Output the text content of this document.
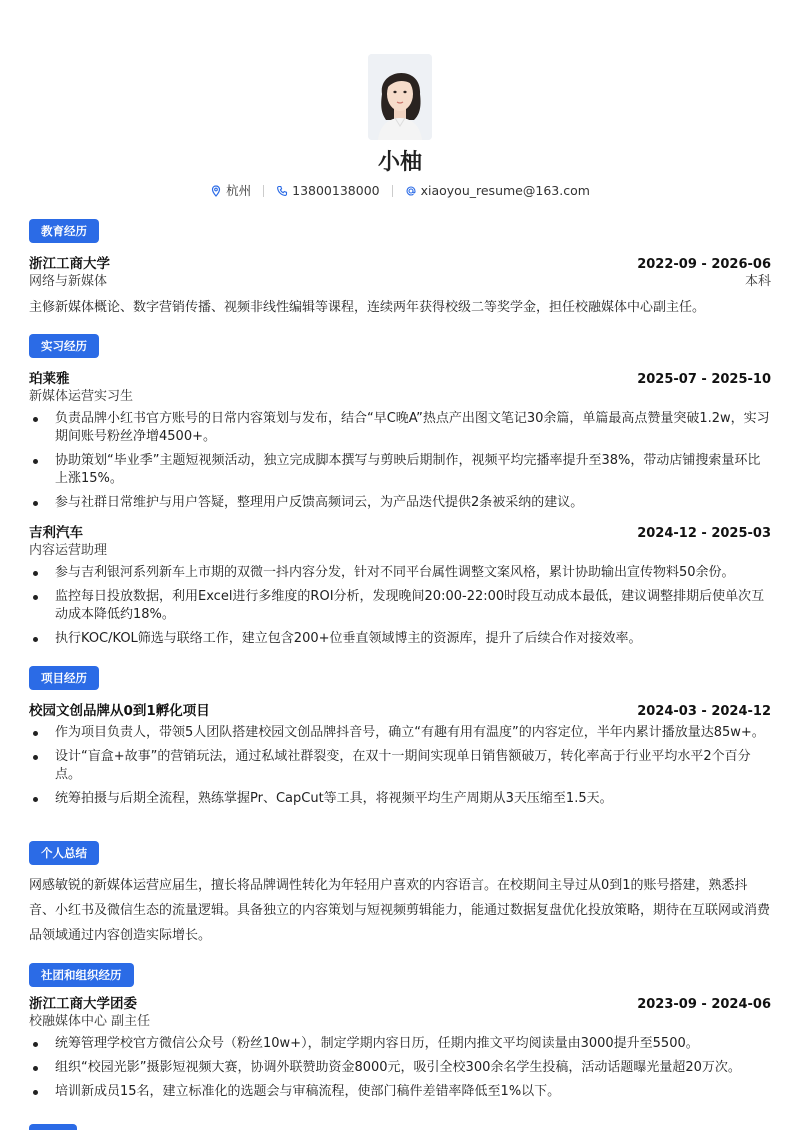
小柚
杭州	13800138000	xiaoyou_resume@163.com
教育经历
浙江工商大学	2022-09 - 2026-06
网络与新媒体	本科
主修新媒体概论、数字营销传播、视频非线性编辑等课程，连续两年获得校级二等奖学金，担任校融媒体中心副主任。
实习经历
珀莱雅	2025-07 - 2025-10
新媒体运营实习生
负责品牌小红书官方账号的日常内容策划与发布，结合“早C晚A”热点产出图文笔记30余篇，单篇最高点赞量突破1.2w，实习期间账号粉丝净增4500+。
协助策划“毕业季”主题短视频活动，独立完成脚本撰写与剪映后期制作，视频平均完播率提升至38%，带动店铺搜索量环比上涨15%。
参与社群日常维护与用户答疑，整理用户反馈高频词云，为产品迭代提供2条被采纳的建议。
吉利汽车	2024-12 - 2025-03
内容运营助理
参与吉利银河系列新车上市期的双微一抖内容分发，针对不同平台属性调整文案风格，累计协助输出宣传物料50余份。
监控每日投放数据，利用Excel进行多维度的ROI分析，发现晚间20:00-22:00时段互动成本最低，建议调整排期后使单次互动成本降低约18%。
执行KOC/KOL筛选与联络工作，建立包含200+位垂直领域博主的资源库，提升了后续合作对接效率。
项目经历
校园文创品牌从0到1孵化项目	2024-03 - 2024-12
作为项目负责人，带领5人团队搭建校园文创品牌抖音号，确立“有趣有用有温度”的内容定位，半年内累计播放量达85w+。
设计“盲盒+故事”的营销玩法，通过私域社群裂变，在双十一期间实现单日销售额破万，转化率高于行业平均水平2个百分点。
统筹拍摄与后期全流程，熟练掌握Pr、CapCut等工具，将视频平均生产周期从3天压缩至1.5天。
个人总结
网感敏锐的新媒体运营应届生，擅长将品牌调性转化为年轻用户喜欢的内容语言。在校期间主导过从0到1的账号搭建，熟悉抖音、小红书及微信生态的流量逻辑。具备独立的内容策划与短视频剪辑能力，能通过数据复盘优化投放策略，期待在互联网或消费品领域通过内容创造实际增长。
社团和组织经历
浙江工商大学团委	2023-09 - 2024-06
校融媒体中心 副主任
统筹管理学校官方微信公众号（粉丝10w+），制定学期内容日历，任期内推文平均阅读量由3000提升至5500。
组织“校园光影”摄影短视频大赛，协调外联赞助资金8000元，吸引全校300余名学生投稿，活动话题曝光量超20万次。
培训新成员15名，建立标准化的选题会与审稿流程，使部门稿件差错率降低至1%以下。
